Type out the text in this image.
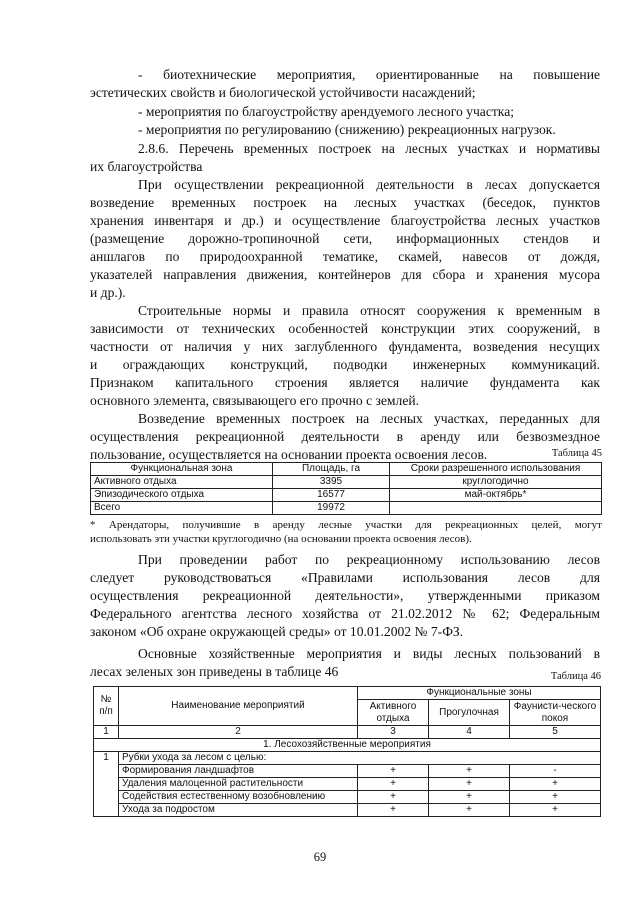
- биотехнические мероприятия, ориентированные на повышение

эстетических свойств и биологической устойчивости насаждений;

- мероприятия по благоустройству арендуемого лесного участка;

- мероприятия по регулированию (снижению) рекреационных нагрузок.

2.8.6. Перечень временных построек на лесных участках и нормативы

их благоустройства

При осуществлении рекреационной деятельности в лесах допускается

возведение временных построек на лесных участках (беседок, пунктов

хранения инвентаря и др.) и осуществление благоустройства лесных участков

(размещение дорожно-тропиночной сети, информационных стендов и

аншлагов по природоохранной тематике, скамей, навесов от дождя,

указателей направления движения, контейнеров для сбора и хранения мусора

и др.).

Строительные нормы и правила относят сооружения к временным в

зависимости от технических особенностей конструкции этих сооружений, в

частности от наличия у них заглубленного фундамента, возведения несущих

и ограждающих конструкций, подводки инженерных коммуникаций.

Признаком капитального строения является наличие фундамента как

основного элемента, связывающего его прочно с землей.

Возведение временных построек на лесных участках, переданных для

осуществления рекреационной деятельности в аренду или безвозмездное

пользование, осуществляется на основании проекта освоения лесов.	Таблица 45
Функциональная зона	Площадь, га	Сроки разрешенного использования
Активного отдыха	3395	круглогодично
Эпизодического отдыха	16577	май-октябрь*
Всего	19972	
* Арендаторы, получившие в аренду лесные участки для рекреационных целей, могут
использовать эти участки круглогодично (на основании проекта освоения лесов).

При проведении работ по рекреационному использованию лесов

следует руководствоваться «Правилами использования лесов для

осуществления рекреационной деятельности», утвержденными приказом

Федерального агентства лесного хозяйства от 21.02.2012 № 62; Федеральным

законом «Об охране окружающей среды» от 10.01.2002 № 7-ФЗ.

Основные хозяйственные мероприятия и виды лесных пользований в

лесах зеленых зон приведены в таблице 46	Таблица 46
№ п/п	Наименование мероприятий	Функциональные зоны		
		Активного отдыха	Прогулочная	Фаунисти-ческого покоя
1	2	3	4	5
1. Лесохозяйственные мероприятия				
1	Рубки ухода за лесом с целью:			
	Формирования ландшафтов	+	+	-
	Удаления малоценной растительности	+	+	+
	Содействия естественному возобновлению	+	+	+
	Ухода за подростом	+	+	+
69
